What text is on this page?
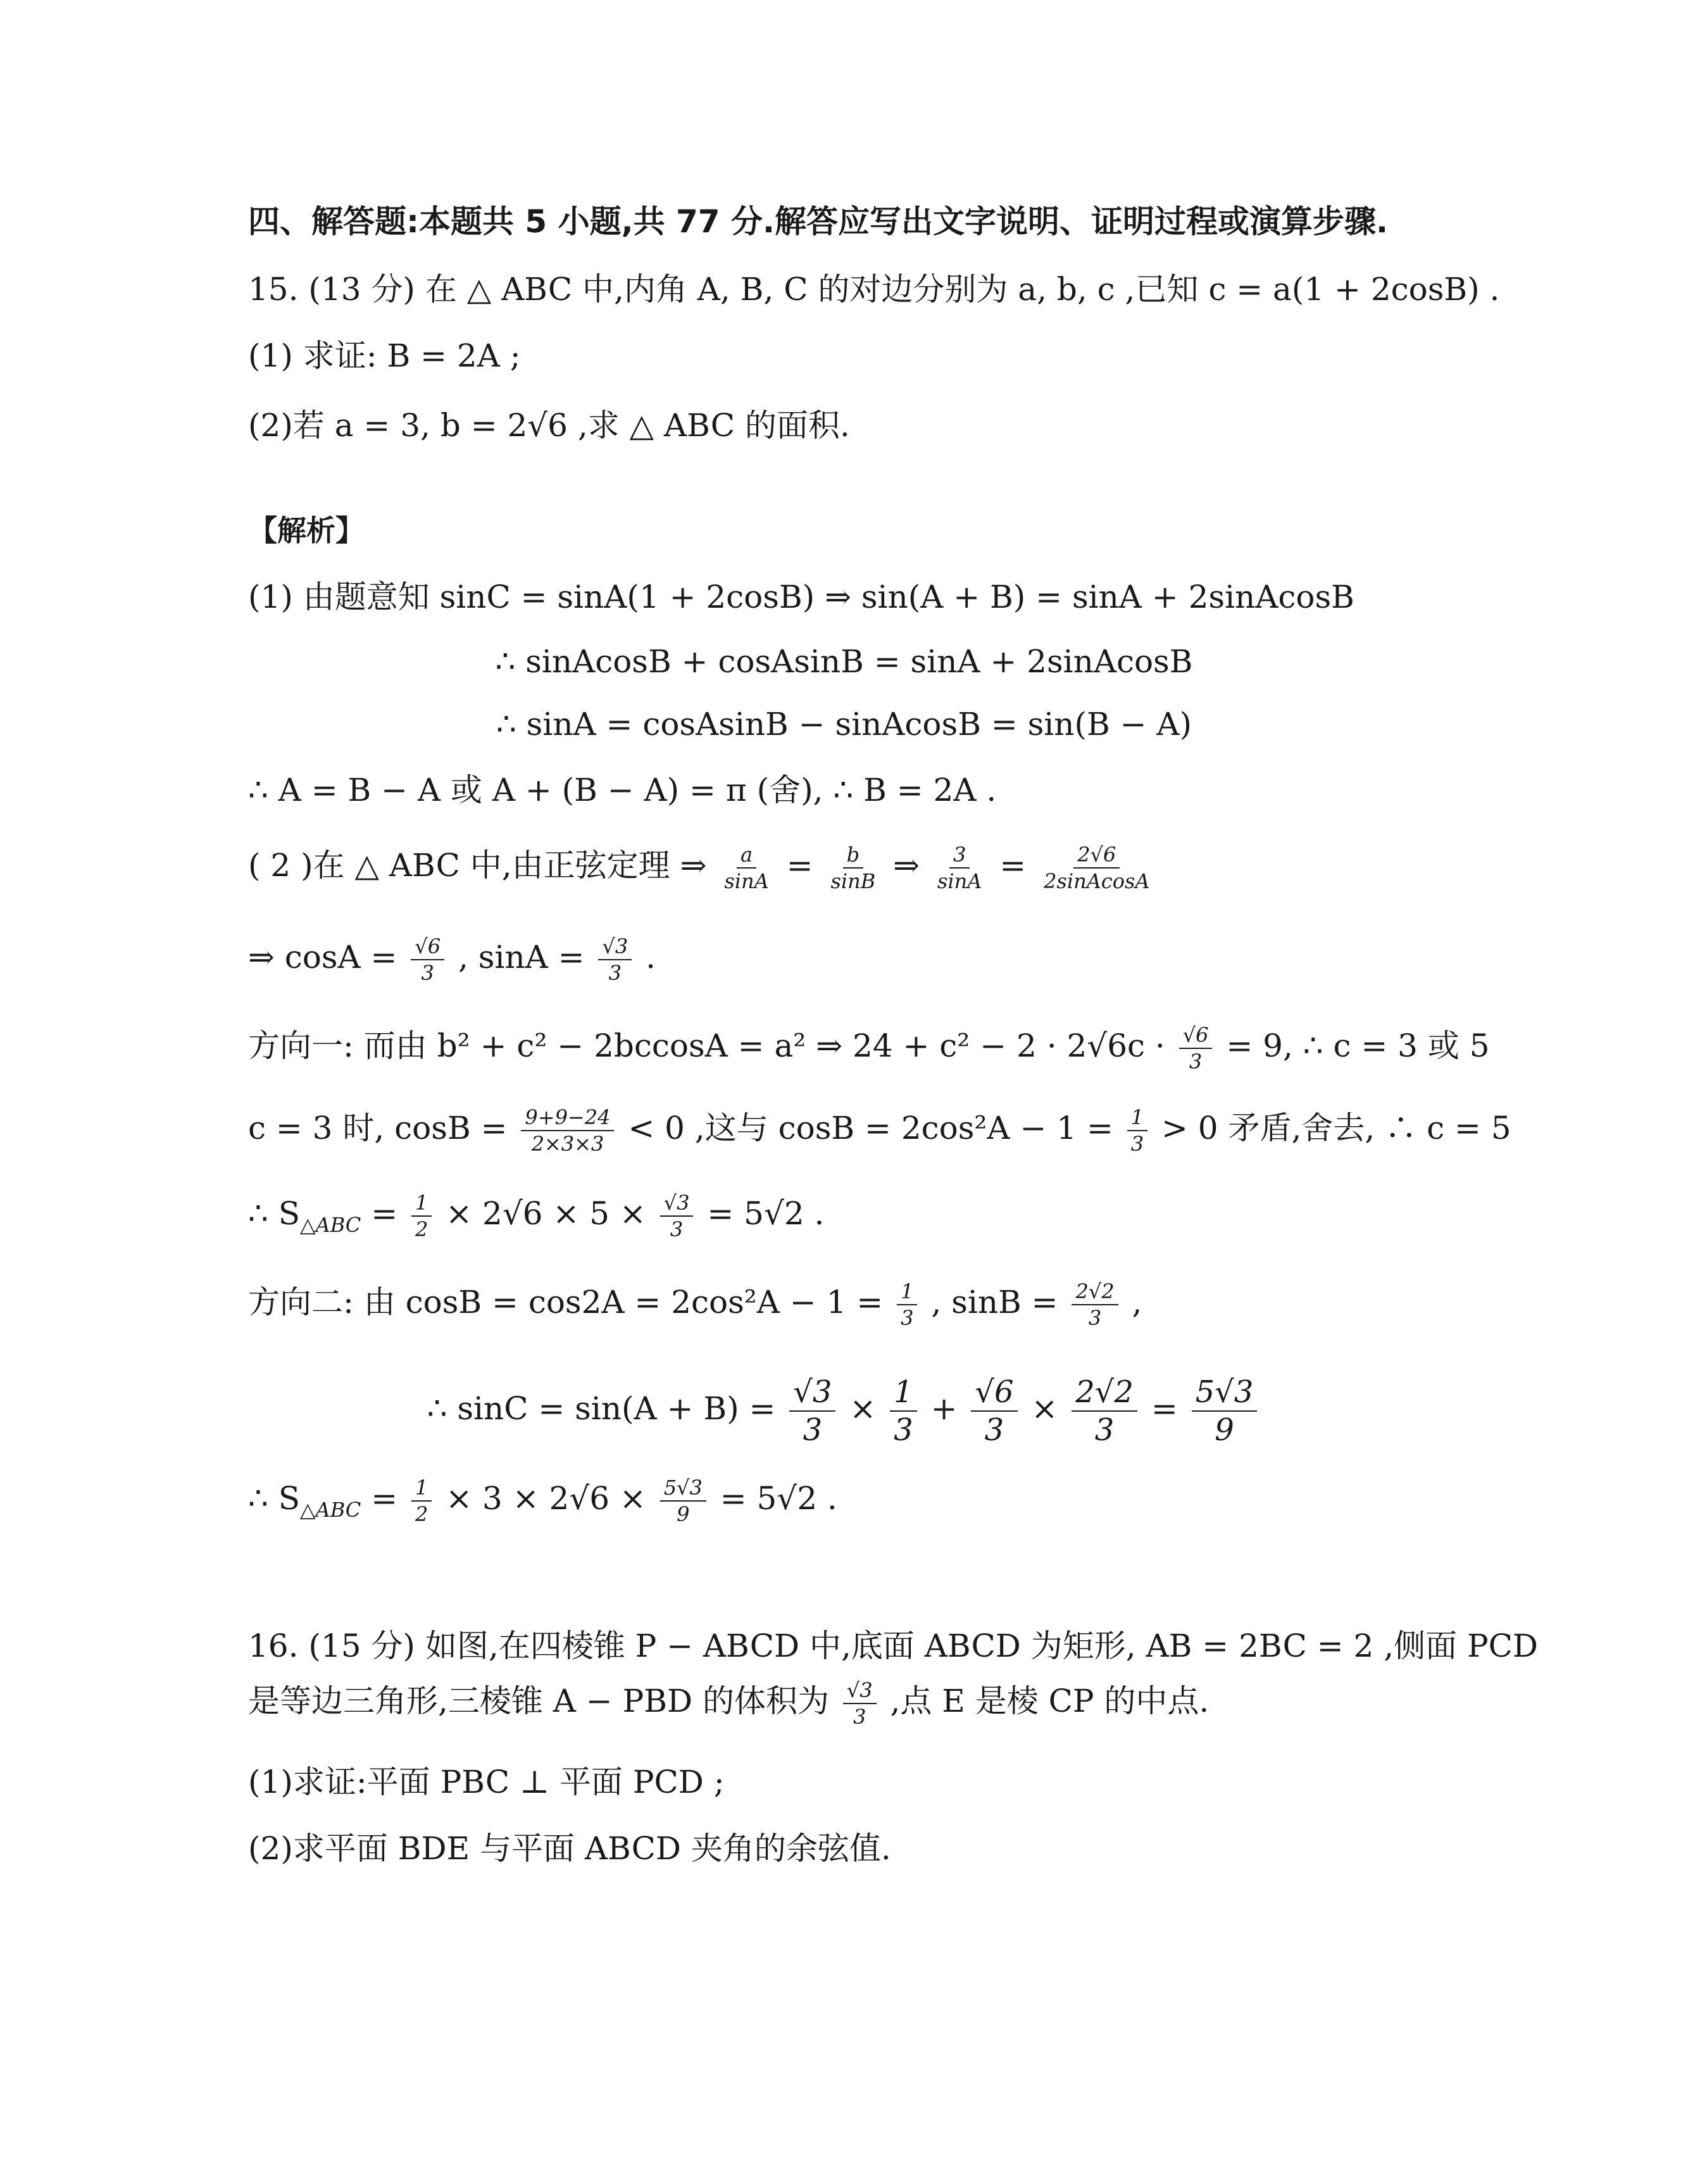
四、解答题:本题共 5 小题,共 77 分.解答应写出文字说明、证明过程或演算步骤.
15. (13 分) 在 △ ABC 中,内角 A, B, C 的对边分别为 a, b, c ,已知 c = a(1 + 2cosB) .
(1) 求证: B = 2A ;
(2)若 a = 3, b = 2√6 ,求 △ ABC 的面积.
【解析】
(1) 由题意知 sinC = sinA(1 + 2cosB) ⇒ sin(A + B) = sinA + 2sinAcosB
∴ sinAcosB + cosAsinB = sinA + 2sinAcosB
∴ sinA = cosAsinB − sinAcosB = sin(B − A)
∴ A = B − A 或 A + (B − A) = π (舍), ∴ B = 2A .
( 2 )在 △ ABC 中,由正弦定理 ⇒ $\frac{a}{\sin A} = \frac{b}{\sin B}$ ⇒ $\frac{3}{\sin A} = \frac{2√6}{\text{2sinAcosA}}$
⇒ $\cos A = \frac{√6}{3}$ , $\sin A = \frac{√3}{3}$ .
方向一: 而由 b² + c² − 2bccosA = a² ⇒ $24 + c^2 - 2 \cdot 2√6c \cdot \frac{√6}{3} = 9$, ∴ c = 3 或 5
c = 3 时, $\cos B = \frac{9+9-24}{2\times 3\times 3} < 0$ ,这与 $\cos B = 2\cos^2A - 1 = \frac{1}{3} > 0$ 矛盾,舍去, ∴ c = 5
∴ $S_{\triangle ABC} = \frac{1}{2} \times 2√6 \times 5 \times \frac{√3}{3} = 5√2$ .
方向二: 由 $\cos B = \cos 2A = 2\cos^2A - 1 = \frac{1}{3}$ , $\sin B = \frac{2√2}{3}$ ,
∴ $\sin C = \sin(A + B) = \frac{√3}{3} \times \frac{1}{3} + \frac{√6}{3} \times \frac{2√2}{3} = \frac{5√3}{9}$
∴ $S_{\triangle ABC} = \frac{1}{2} \times 3 \times 2√6 \times \frac{5√3}{9} = 5√2$ .
16. (15 分) 如图,在四棱锥 P − ABCD 中,底面 ABCD 为矩形, AB = 2BC = 2 ,侧面 PCD
是等边三角形,三棱锥 A − PBD 的体积为 $\frac{√3}{3}$ ,点 E 是棱 CP 的中点.
(1)求证:平面 PBC ⊥ 平面 PCD ;
(2)求平面 BDE 与平面 ABCD 夹角的余弦值.
